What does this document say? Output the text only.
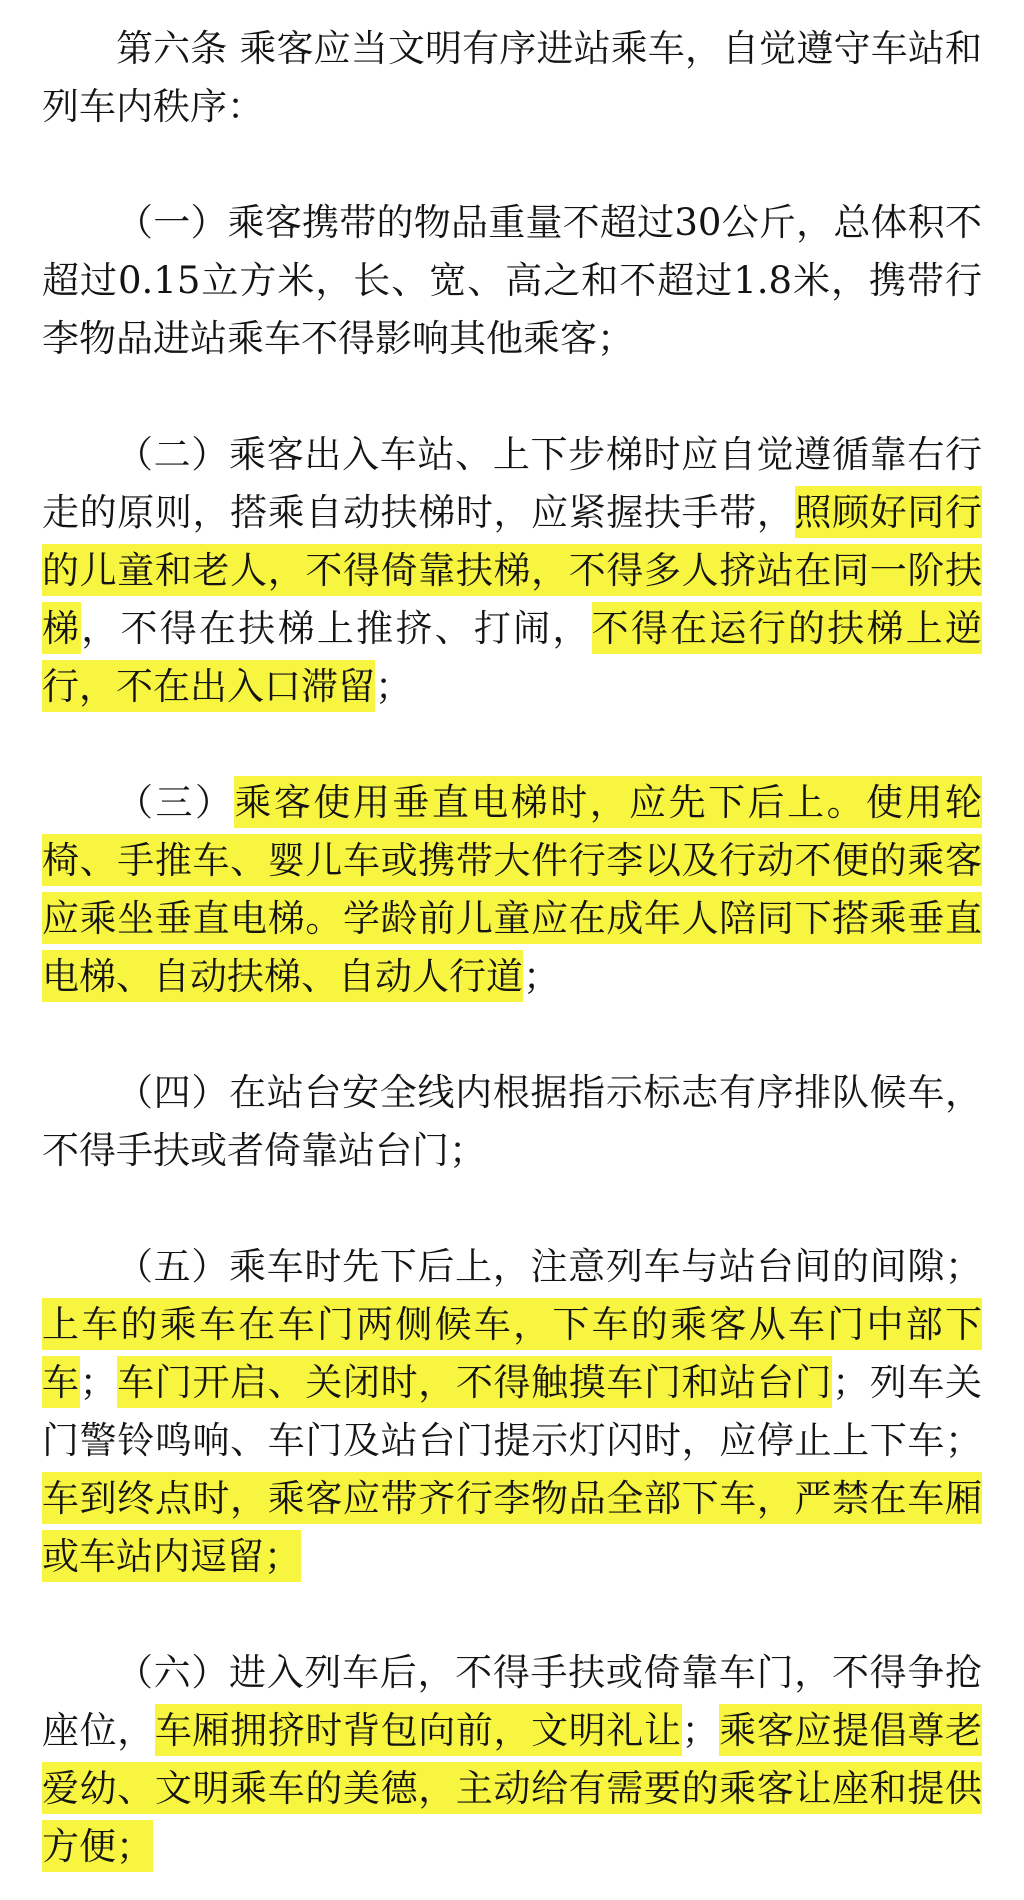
第六条 乘客应当文明有序进站乘车，自觉遵守车站和列车内秩序：

（一）乘客携带的物品重量不超过30公斤，总体积不超过0.15立方米，长、宽、高之和不超过1.8米，携带行李物品进站乘车不得影响其他乘客；

（二）乘客出入车站、上下步梯时应自觉遵循靠右行走的原则，搭乘自动扶梯时，应紧握扶手带，照顾好同行的儿童和老人，不得倚靠扶梯，不得多人挤站在同一阶扶梯，不得在扶梯上推挤、打闹，不得在运行的扶梯上逆行，不在出入口滞留；

（三）乘客使用垂直电梯时，应先下后上。使用轮椅、手推车、婴儿车或携带大件行李以及行动不便的乘客应乘坐垂直电梯。学龄前儿童应在成年人陪同下搭乘垂直电梯、自动扶梯、自动人行道；

（四）在站台安全线内根据指示标志有序排队候车，不得手扶或者倚靠站台门；

（五）乘车时先下后上，注意列车与站台间的间隙；上车的乘车在车门两侧候车，下车的乘客从车门中部下车；车门开启、关闭时，不得触摸车门和站台门；列车关门警铃鸣响、车门及站台门提示灯闪时，应停止上下车；车到终点时，乘客应带齐行李物品全部下车，严禁在车厢或车站内逗留；

（六）进入列车后，不得手扶或倚靠车门，不得争抢座位，车厢拥挤时背包向前，文明礼让；乘客应提倡尊老爱幼、文明乘车的美德，主动给有需要的乘客让座和提供方便；
